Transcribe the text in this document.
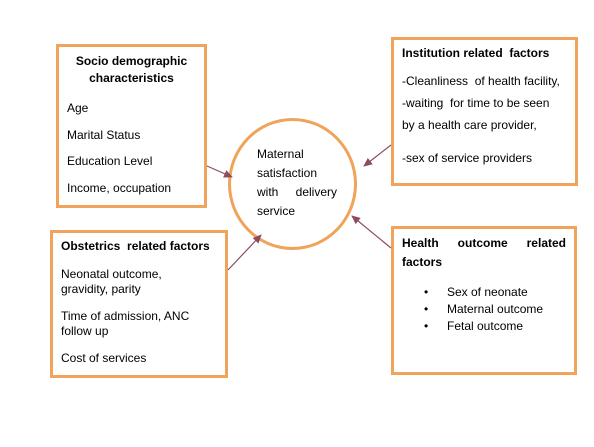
Socio demographic
characteristics
Age
Marital Status
Education Level
Income, occupation
Institution related  factors
-Cleanliness  of health facility,
-waiting  for time to be seen
by a health care provider,
-sex of service providers
Maternal
satisfaction
with delivery
service
Obstetrics  related factors
Neonatal outcome,
gravidity, parity
Time of admission, ANC
follow up
Cost of services
Health outcome related
factors
• Sex of neonate
• Maternal outcome
• Fetal outcome
